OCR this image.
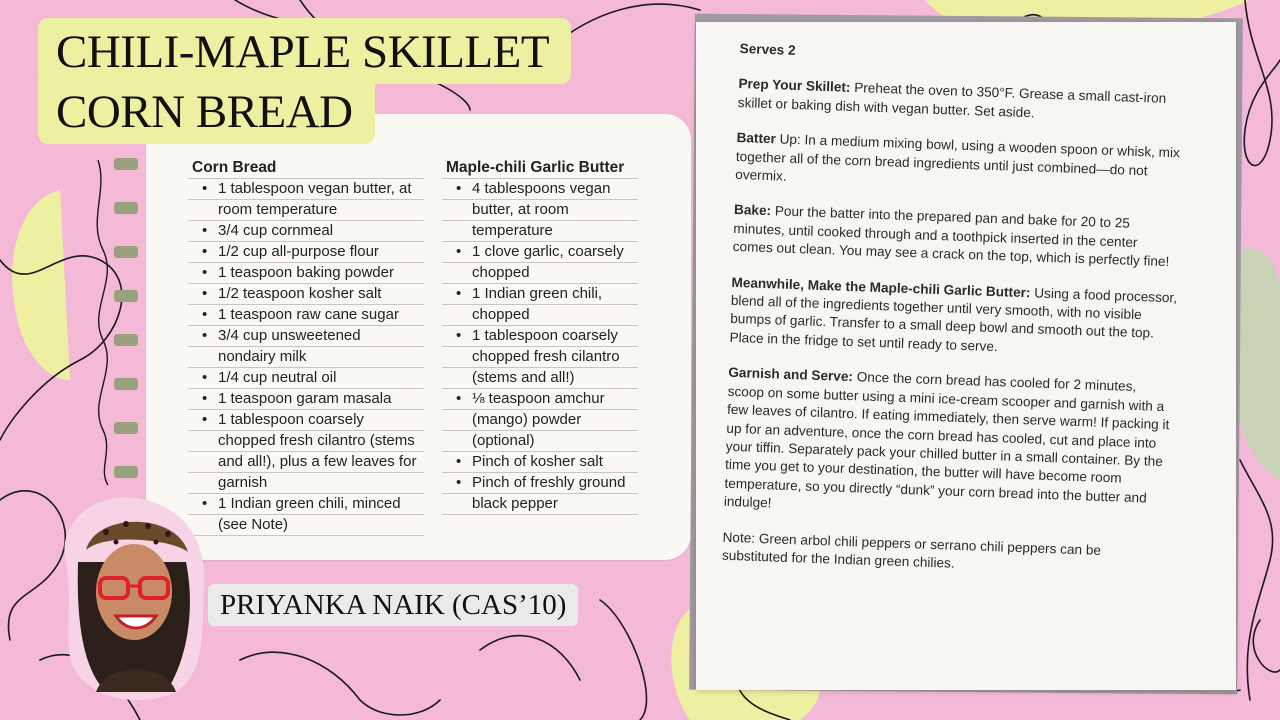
Corn Bread
• 1 tablespoon vegan butter, at room temperature
• 3/4 cup cornmeal
• 1/2 cup all-purpose flour
• 1 teaspoon baking powder
• 1/2 teaspoon kosher salt
• 1 teaspoon raw cane sugar
• 3/4 cup unsweetened nondairy milk
• 1/4 cup neutral oil
• 1 teaspoon garam masala
• 1 tablespoon coarsely chopped fresh cilantro (stems and all!), plus a few leaves for garnish
• 1 Indian green chili, minced (see Note)
Maple-chili Garlic Butter
• 4 tablespoons vegan butter, at room temperature
• 1 clove garlic, coarsely chopped
• 1 Indian green chili, chopped
• 1 tablespoon coarsely chopped fresh cilantro (stems and all!)
• ⅛ teaspoon amchur (mango) powder (optional)
• Pinch of kosher salt
• Pinch of freshly ground black pepper

Serves 2

Prep Your Skillet: Preheat the oven to 350°F. Grease a small cast-iron skillet or baking dish with vegan butter. Set aside.

Batter Up: In a medium mixing bowl, using a wooden spoon or whisk, mix together all of the corn bread ingredients until just combined—do not overmix.

Bake: Pour the batter into the prepared pan and bake for 20 to 25 minutes, until cooked through and a toothpick inserted in the center comes out clean. You may see a crack on the top, which is perfectly fine!

Meanwhile, Make the Maple-chili Garlic Butter: Using a food processor, blend all of the ingredients together until very smooth, with no visible bumps of garlic. Transfer to a small deep bowl and smooth out the top. Place in the fridge to set until ready to serve.

Garnish and Serve: Once the corn bread has cooled for 2 minutes, scoop on some butter using a mini ice-cream scooper and garnish with a few leaves of cilantro. If eating immediately, then serve warm! If packing it up for an adventure, once the corn bread has cooled, cut and place into your tiffin. Separately pack your chilled butter in a small container. By the time you get to your destination, the butter will have become room temperature, so you directly “dunk” your corn bread into the butter and indulge!

Note: Green arbol chili peppers or serrano chili peppers can be substituted for the Indian green chilies.

CHILI-MAPLE SKILLET
CORN BREAD
PRIYANKA NAIK (CAS’10)
